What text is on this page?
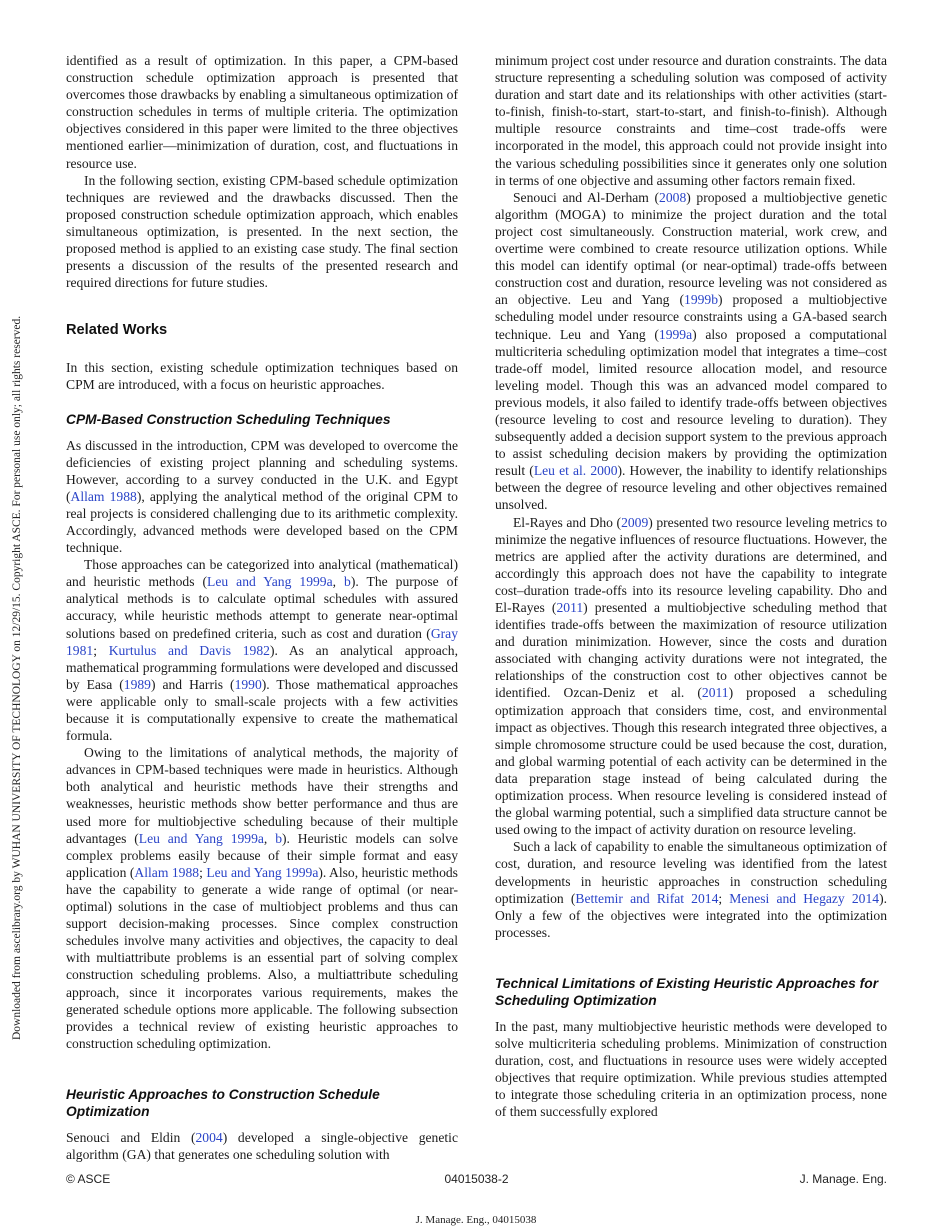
Downloaded from ascelibrary.org by WUHAN UNIVERSITY OF TECHNOLOGY on 12/29/15. Copyright ASCE. For personal use only; all rights reserved.

identified as a result of optimization. In this paper, a CPM-based construction schedule optimization approach is presented that overcomes those drawbacks by enabling a simultaneous optimization of construction schedules in terms of multiple criteria. The optimization objectives considered in this paper were limited to the three objectives mentioned earlier—minimization of duration, cost, and fluctuations in resource use.

In the following section, existing CPM-based schedule optimization techniques are reviewed and the drawbacks discussed. Then the proposed construction schedule optimization approach, which enables simultaneous optimization, is presented. In the next section, the proposed method is applied to an existing case study. The final section presents a discussion of the results of the presented research and required directions for future studies.

Related Works

In this section, existing schedule optimization techniques based on CPM are introduced, with a focus on heuristic approaches.

CPM-Based Construction Scheduling Techniques

As discussed in the introduction, CPM was developed to overcome the deficiencies of existing project planning and scheduling systems. However, according to a survey conducted in the U.K. and Egypt (Allam 1988), applying the analytical method of the original CPM to real projects is considered challenging due to its arithmetic complexity. Accordingly, advanced methods were developed based on the CPM technique.

Those approaches can be categorized into analytical (mathematical) and heuristic methods (Leu and Yang 1999a, b). The purpose of analytical methods is to calculate optimal schedules with assured accuracy, while heuristic methods attempt to generate near-optimal solutions based on predefined criteria, such as cost and duration (Gray 1981; Kurtulus and Davis 1982). As an analytical approach, mathematical programming formulations were developed and discussed by Easa (1989) and Harris (1990). Those mathematical approaches were applicable only to small-scale projects with a few activities because it is computationally expensive to create the mathematical formula.

Owing to the limitations of analytical methods, the majority of advances in CPM-based techniques were made in heuristics. Although both analytical and heuristic methods have their strengths and weaknesses, heuristic methods show better performance and thus are used more for multiobjective scheduling because of their multiple advantages (Leu and Yang 1999a, b). Heuristic models can solve complex problems easily because of their simple format and easy application (Allam 1988; Leu and Yang 1999a). Also, heuristic methods have the capability to generate a wide range of optimal (or near-optimal) solutions in the case of multiobject problems and thus can support decision-making processes. Since complex construction schedules involve many activities and objectives, the capacity to deal with multiattribute problems is an essential part of solving complex construction scheduling problems. Also, a multiattribute scheduling approach, since it incorporates various requirements, makes the generated schedule options more applicable. The following subsection provides a technical review of existing heuristic approaches to construction scheduling optimization.

Heuristic Approaches to Construction Schedule Optimization

Senouci and Eldin (2004) developed a single-objective genetic algorithm (GA) that generates one scheduling solution with

minimum project cost under resource and duration constraints. The data structure representing a scheduling solution was composed of activity duration and start date and its relationships with other activities (start-to-finish, finish-to-start, start-to-start, and finish-to-finish). Although multiple resource constraints and time–cost trade-offs were incorporated in the model, this approach could not provide insight into the various scheduling possibilities since it generates only one solution in terms of one objective and assuming other factors remain fixed.

Senouci and Al-Derham (2008) proposed a multiobjective genetic algorithm (MOGA) to minimize the project duration and the total project cost simultaneously. Construction material, work crew, and overtime were combined to create resource utilization options. While this model can identify optimal (or near-optimal) trade-offs between construction cost and duration, resource leveling was not considered as an objective. Leu and Yang (1999b) proposed a multiobjective scheduling model under resource constraints using a GA-based search technique. Leu and Yang (1999a) also proposed a computational multicriteria scheduling optimization model that integrates a time–cost trade-off model, limited resource allocation model, and resource leveling model. Though this was an advanced model compared to previous models, it also failed to identify trade-offs between objectives (resource leveling to cost and resource leveling to duration). They subsequently added a decision support system to the previous approach to assist scheduling decision makers by providing the optimization result (Leu et al. 2000). However, the inability to identify relationships between the degree of resource leveling and other objectives remained unsolved.

El-Rayes and Dho (2009) presented two resource leveling metrics to minimize the negative influences of resource fluctuations. However, the metrics are applied after the activity durations are determined, and accordingly this approach does not have the capability to integrate cost–duration trade-offs into its resource leveling capability. Dho and El-Rayes (2011) presented a multiobjective scheduling method that identifies trade-offs between the maximization of resource utilization and duration minimization. However, since the costs and duration associated with changing activity durations were not integrated, the relationships of the construction cost to other objectives cannot be identified. Ozcan-Deniz et al. (2011) proposed a scheduling optimization approach that considers time, cost, and environmental impact as objectives. Though this research integrated three objectives, a simple chromosome structure could be used because the cost, duration, and global warming potential of each activity can be determined in the data preparation stage instead of being calculated during the optimization process. When resource leveling is considered instead of the global warming potential, such a simplified data structure cannot be used owing to the impact of activity duration on resource leveling.

Such a lack of capability to enable the simultaneous optimization of cost, duration, and resource leveling was identified from the latest developments in heuristic approaches in construction scheduling optimization (Bettemir and Rifat 2014; Menesi and Hegazy 2014). Only a few of the objectives were integrated into the optimization processes.

Technical Limitations of Existing Heuristic Approaches for Scheduling Optimization

In the past, many multiobjective heuristic methods were developed to solve multicriteria scheduling problems. Minimization of construction duration, cost, and fluctuations in resource uses were widely accepted objectives that require optimization. While previous studies attempted to integrate those scheduling criteria in an optimization process, none of them successfully explored

04015038-2
© ASCE	J. Manage. Eng.
J. Manage. Eng., 04015038
